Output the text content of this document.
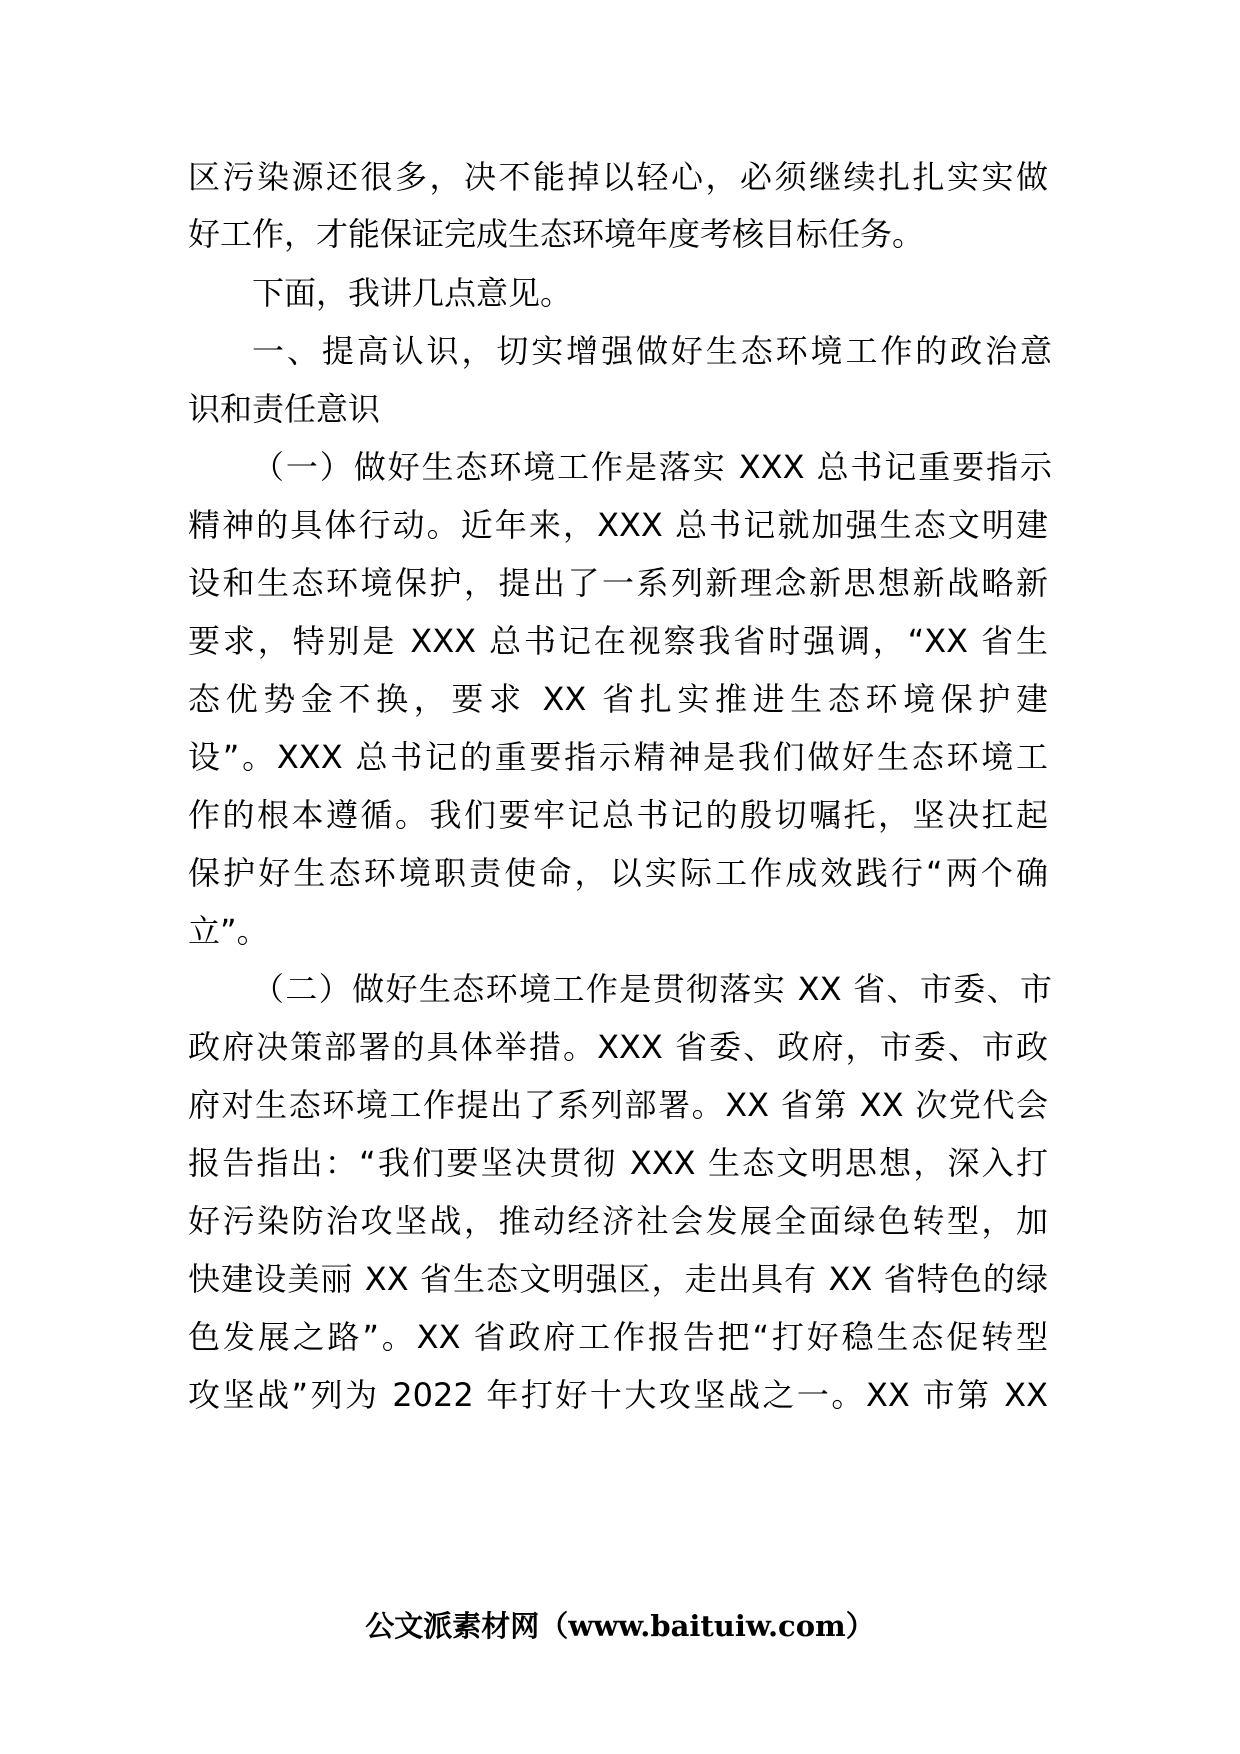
区污染源还很多，决不能掉以轻心，必须继续扎扎实实做
好工作，才能保证完成生态环境年度考核目标任务。
下面，我讲几点意见。
一、提高认识，切实增强做好生态环境工作的政治意
识和责任意识
（一）做好生态环境工作是落实 XXX 总书记重要指示
精神的具体行动。近年来，XXX 总书记就加强生态文明建
设和生态环境保护，提出了一系列新理念新思想新战略新
要求，特别是 XXX 总书记在视察我省时强调，“XX 省生
态优势金不换，要求 XX 省扎实推进生态环境保护建
设”。XXX 总书记的重要指示精神是我们做好生态环境工
作的根本遵循。我们要牢记总书记的殷切嘱托，坚决扛起
保护好生态环境职责使命，以实际工作成效践行“两个确
立”。
（二）做好生态环境工作是贯彻落实 XX 省、市委、市
政府决策部署的具体举措。XXX 省委、政府，市委、市政
府对生态环境工作提出了系列部署。XX 省第 XX 次党代会
报告指出：“我们要坚决贯彻 XXX 生态文明思想，深入打
好污染防治攻坚战，推动经济社会发展全面绿色转型，加
快建设美丽 XX 省生态文明强区，走出具有 XX 省特色的绿
色发展之路”。XX 省政府工作报告把“打好稳生态促转型
攻坚战”列为 2022 年打好十大攻坚战之一。XX 市第 XX
公文派素材网（www.baituiw.com）
